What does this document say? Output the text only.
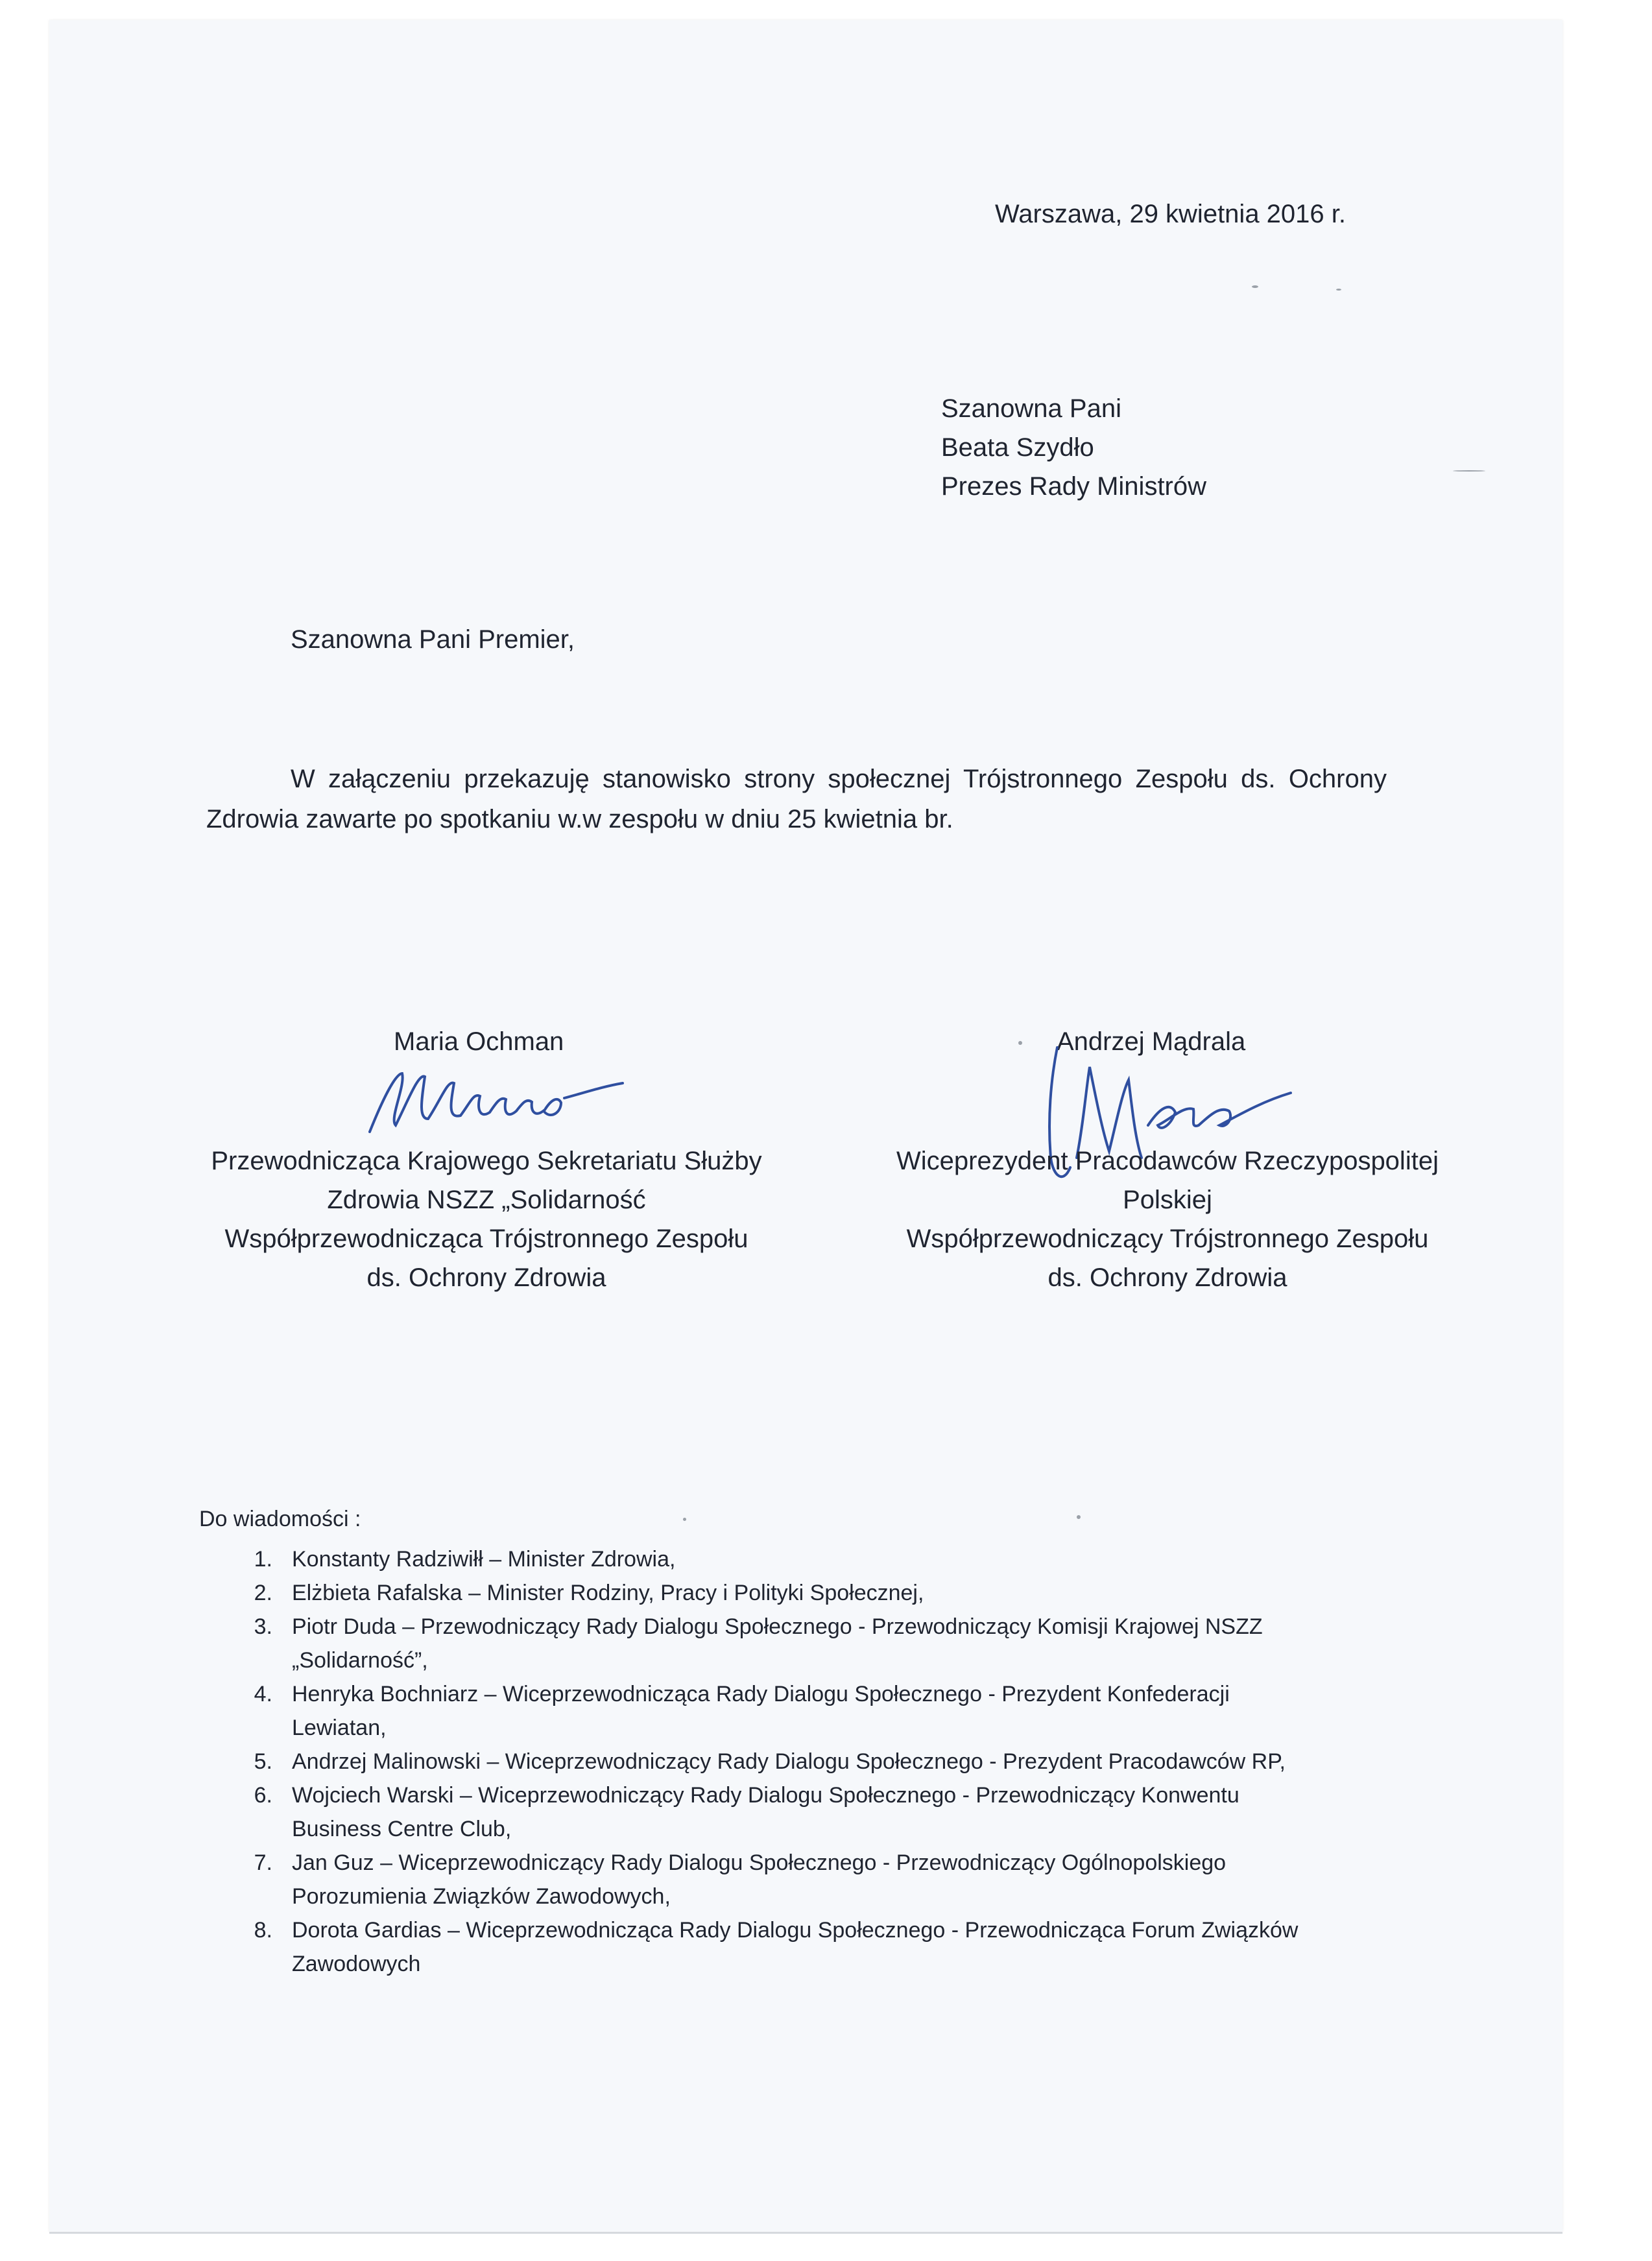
Warszawa, 29 kwietnia 2016 r.
Szanowna Pani
Beata Szydło
Prezes Rady Ministrów
Szanowna Pani Premier,

W załączeniu przekazuję stanowisko strony społecznej Trójstronnego Zespołu ds. Ochrony Zdrowia zawarte po spotkaniu w.w zespołu w dniu 25 kwietnia br.

Maria Ochman
Przewodnicząca Krajowego Sekretariatu Służby
Zdrowia NSZZ „Solidarność
Współprzewodnicząca Trójstronnego Zespołu
ds. Ochrony Zdrowia
Andrzej Mądrala
Wiceprezydent Pracodawców Rzeczypospolitej
Polskiej
Współprzewodniczący Trójstronnego Zespołu
ds. Ochrony Zdrowia
Do wiadomości :
1. Konstanty Radziwiłł – Minister Zdrowia,
2. Elżbieta Rafalska – Minister Rodziny, Pracy i Polityki Społecznej,
3. Piotr Duda – Przewodniczący Rady Dialogu Społecznego - Przewodniczący Komisji Krajowej NSZZ „Solidarność”,
4. Henryka Bochniarz – Wiceprzewodnicząca Rady Dialogu Społecznego - Prezydent Konfederacji Lewiatan,
5. Andrzej Malinowski – Wiceprzewodniczący Rady Dialogu Społecznego - Prezydent Pracodawców RP,
6. Wojciech Warski – Wiceprzewodniczący Rady Dialogu Społecznego - Przewodniczący Konwentu Business Centre Club,
7. Jan Guz – Wiceprzewodniczący Rady Dialogu Społecznego - Przewodniczący Ogólnopolskiego Porozumienia Związków Zawodowych,
8. Dorota Gardias – Wiceprzewodnicząca Rady Dialogu Społecznego - Przewodnicząca Forum Związków Zawodowych
